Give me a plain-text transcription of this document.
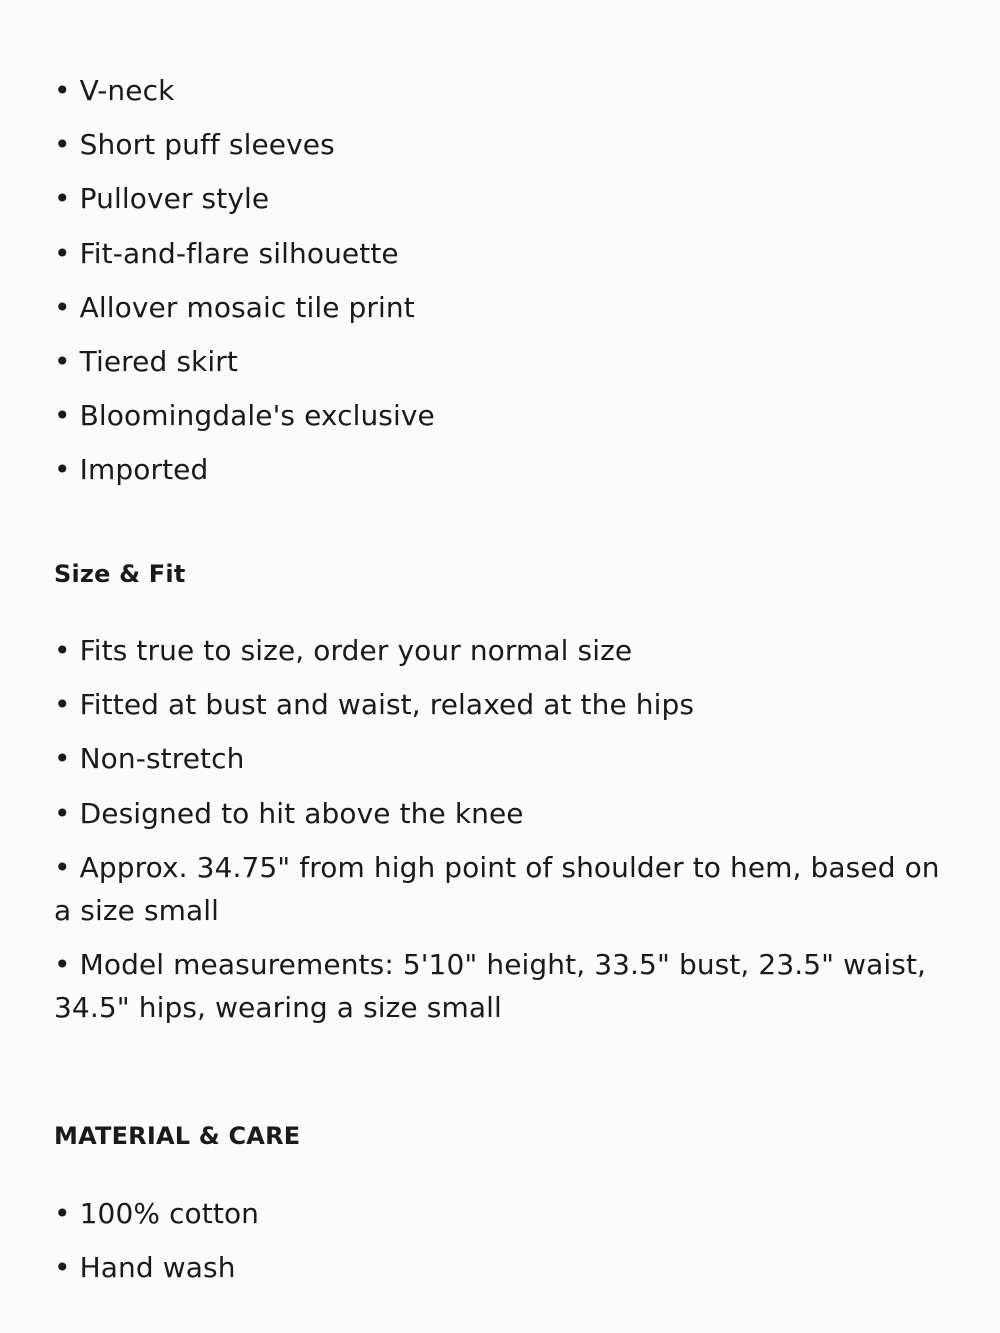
• V-neck
• Short puff sleeves
• Pullover style
• Fit-and-flare silhouette
• Allover mosaic tile print
• Tiered skirt
• Bloomingdale's exclusive
• Imported
Size & Fit
• Fits true to size, order your normal size
• Fitted at bust and waist, relaxed at the hips
• Non-stretch
• Designed to hit above the knee
• Approx. 34.75" from high point of shoulder to hem, based on a size small
• Model measurements: 5'10" height, 33.5" bust, 23.5" waist, 34.5" hips, wearing a size small
MATERIAL & CARE
• 100% cotton
• Hand wash
